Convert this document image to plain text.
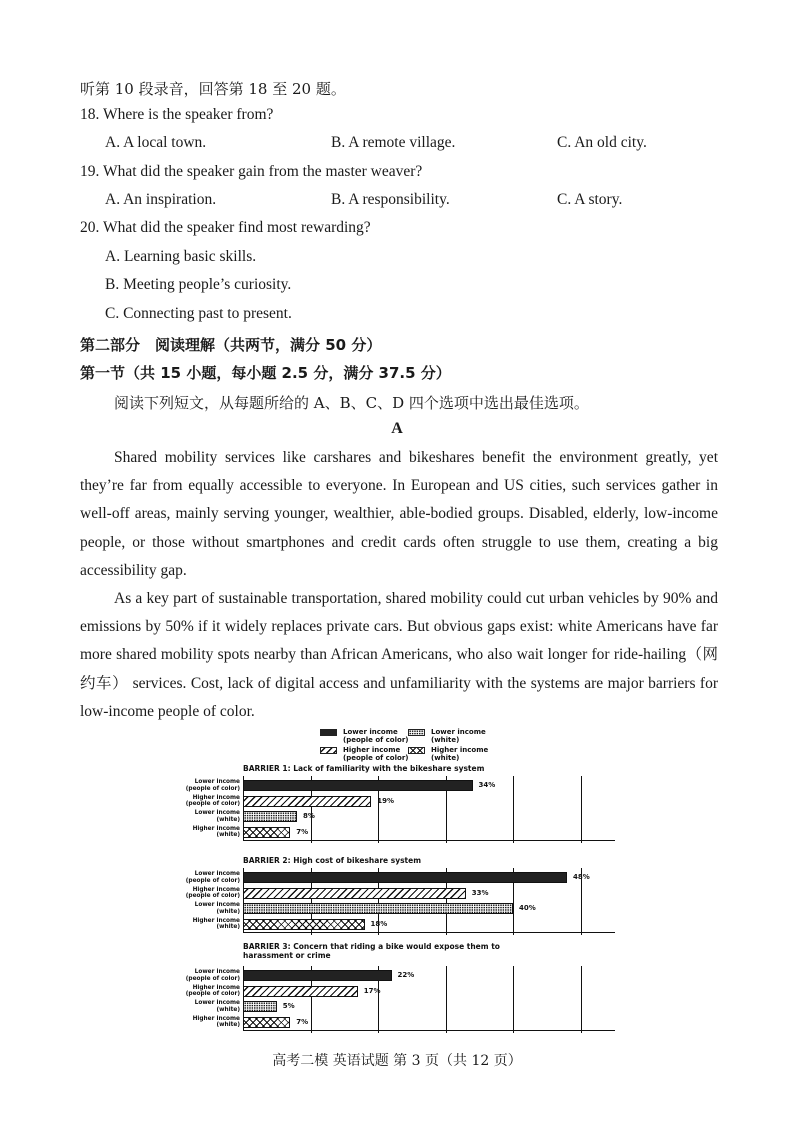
听第 10 段录音，回答第 18 至 20 题。
18. Where is the speaker from?
A. A local town.	B. A remote village.	C. An old city.
19. What did the speaker gain from the master weaver?
A. An inspiration.	B. A responsibility.	C. A story.
20. What did the speaker find most rewarding?
A. Learning basic skills.
B. Meeting people’s curiosity.
C. Connecting past to present.
第二部分　阅读理解（共两节，满分 50 分）
第一节（共 15 小题，每小题 2.5 分，满分 37.5 分）
阅读下列短文，从每题所给的 A、B、C、D 四个选项中选出最佳选项。
A
Shared mobility services like carshares and bikeshares benefit the environment greatly, yet they’re far from equally accessible to everyone. In European and US cities, such services gather in well-off areas, mainly serving younger, wealthier, able-bodied groups. Disabled, elderly, low-income people, or those without smartphones and credit cards often struggle to use them, creating a big accessibility gap.
As a key part of sustainable transportation, shared mobility could cut urban vehicles by 90% and emissions by 50% if it widely replaces private cars. But obvious gaps exist: white Americans have far more shared mobility spots nearby than African Americans, who also wait longer for ride-hailing（网约车） services. Cost, lack of digital access and unfamiliarity with the systems are major barriers for low-income people of color.
Lower income
(people of color)
Lower income
(white)
Higher income
(people of color)
Higher income
(white)
BARRIER 1: Lack of familiarity with the bikeshare system
Lower income
(people of color)	34%
Higher income
(people of color)	19%
Lower income
(white)	8%
Higher income
(white)	7%
BARRIER 2: High cost of bikeshare system
Lower income
(people of color)	48%
Higher income
(people of color)	33%
Lower income
(white)	40%
Higher income
(white)	18%
BARRIER 3: Concern that riding a bike would expose them to
harassment or crime
Lower income
(people of color)	22%
Higher income
(people of color)	17%
Lower income
(white)	5%
Higher income
(white)	7%
高考二模 英语试题 第 3 页（共 12 页）
